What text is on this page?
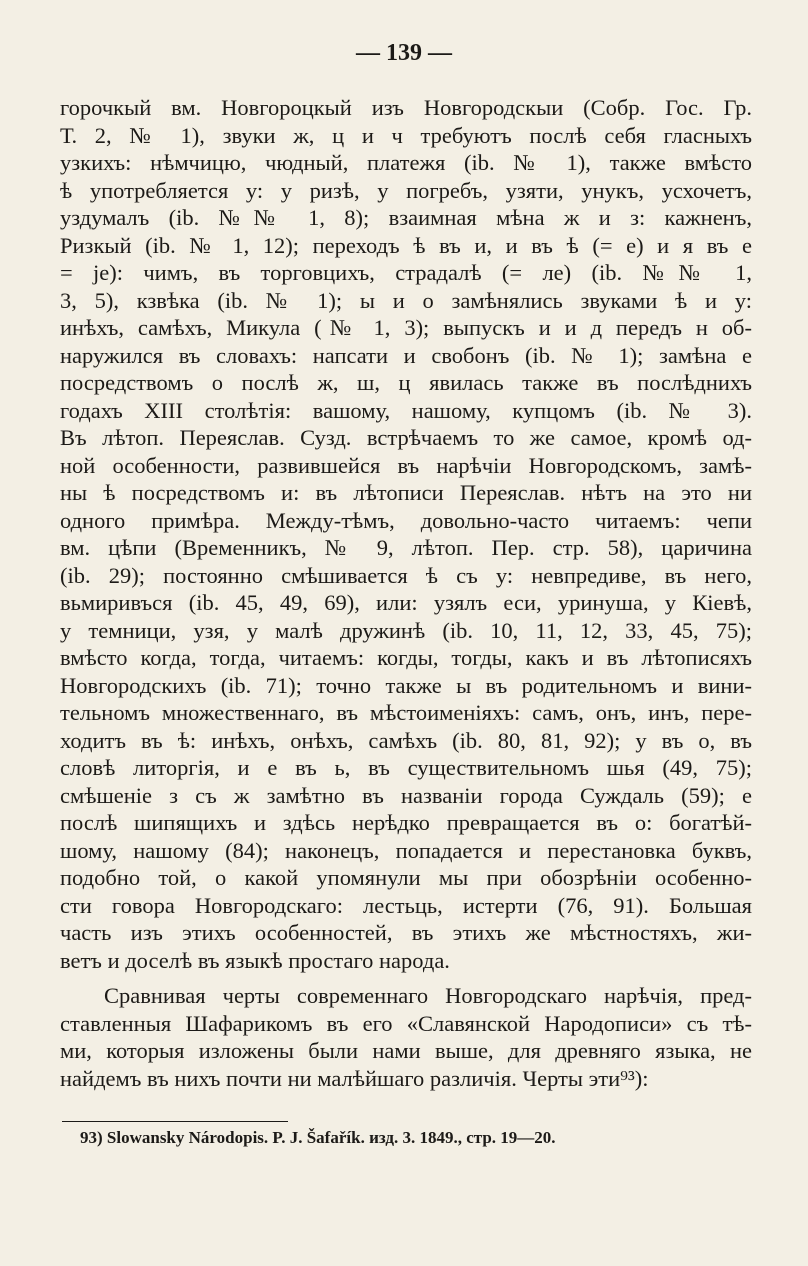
— 139 —
горочкый вм. Новгороцкый изъ Новгородскыи (Собр. Гос. Гр.
Т. 2, № 1), звуки ж, ц и ч требуютъ послѣ себя гласныхъ
узкихъ: нѣмчицю, чюдный, платежя (ib. № 1), также вмѣсто
ѣ употребляется у: у ризѣ, у погребъ, узяти, унукъ, усхочетъ,
уздумалъ (ib. №№ 1, 8); взаимная мѣна ж и з: кажненъ,
Ризкый (ib. № 1, 12); переходъ ѣ въ и, и въ ѣ (= е) и я въ е
= je): чимъ, въ торговцихъ, страдалѣ (= ле) (ib. №№ 1,
3, 5), кзвѣка (ib. № 1); ы и о замѣнялись звуками ѣ и у:
инѣхъ, самѣхъ, Микула (№ 1, 3); выпускъ и и д передъ н об-
наружился въ словахъ: напсати и свобонъ (ib. № 1); замѣна е
посредствомъ о послѣ ж, ш, ц явилась также въ послѣднихъ
годахъ XIII столѣтія: вашому, нашому, купцомъ (ib. № 3).
Въ лѣтоп. Переяслав. Сузд. встрѣчаемъ то же самое, кромѣ од-
ной особенности, развившейся въ нарѣчіи Новгородскомъ, замѣ-
ны ѣ посредствомъ и: въ лѣтописи Переяслав. нѣтъ на это ни
одного примѣра. Между-тѣмъ, довольно-часто читаемъ: чепи
вм. цѣпи (Временникъ, № 9, лѣтоп. Пер. стр. 58), царичина
(ib. 29); постоянно смѣшивается ѣ съ у: невпредиве, въ него,
вьмиривъся (ib. 45, 49, 69), или: узялъ еси, уринуша, у Кіевѣ,
у темници, узя, у малѣ дружинѣ (ib. 10, 11, 12, 33, 45, 75);
вмѣсто когда, тогда, читаемъ: когды, тогды, какъ и въ лѣтописяхъ
Новгородскихъ (ib. 71); точно также ы въ родительномъ и вини-
тельномъ множественнаго, въ мѣстоименіяхъ: самъ, онъ, инъ, пере-
ходитъ въ ѣ: инѣхъ, онѣхъ, самѣхъ (ib. 80, 81, 92); у въ о, въ
словѣ литоргія, и е въ ь, въ существительномъ шья (49, 75);
смѣшеніе з съ ж замѣтно въ названіи города Суждаль (59); е
послѣ шипящихъ и здѣсь нерѣдко превращается въ о: богатѣй-
шому, нашому (84); наконецъ, попадается и перестановка буквъ,
подобно той, о какой упомянули мы при обозрѣніи особенно-
сти говора Новгородскаго: лестьць, истерти (76, 91). Большая
часть изъ этихъ особенностей, въ этихъ же мѣстностяхъ, жи-
ветъ и доселѣ въ языкѣ простаго народа.
Сравнивая черты современнаго Новгородскаго нарѣчія, пред-
ставленныя Шафарикомъ въ его «Славянской Народописи» съ тѣ-
ми, которыя изложены были нами выше, для древняго языка, не
найдемъ въ нихъ почти ни малѣйшаго различія. Черты эти⁹³):
93) Slowansky Národopis. P. J. Šafařík. изд. 3. 1849., стр. 19—20.
